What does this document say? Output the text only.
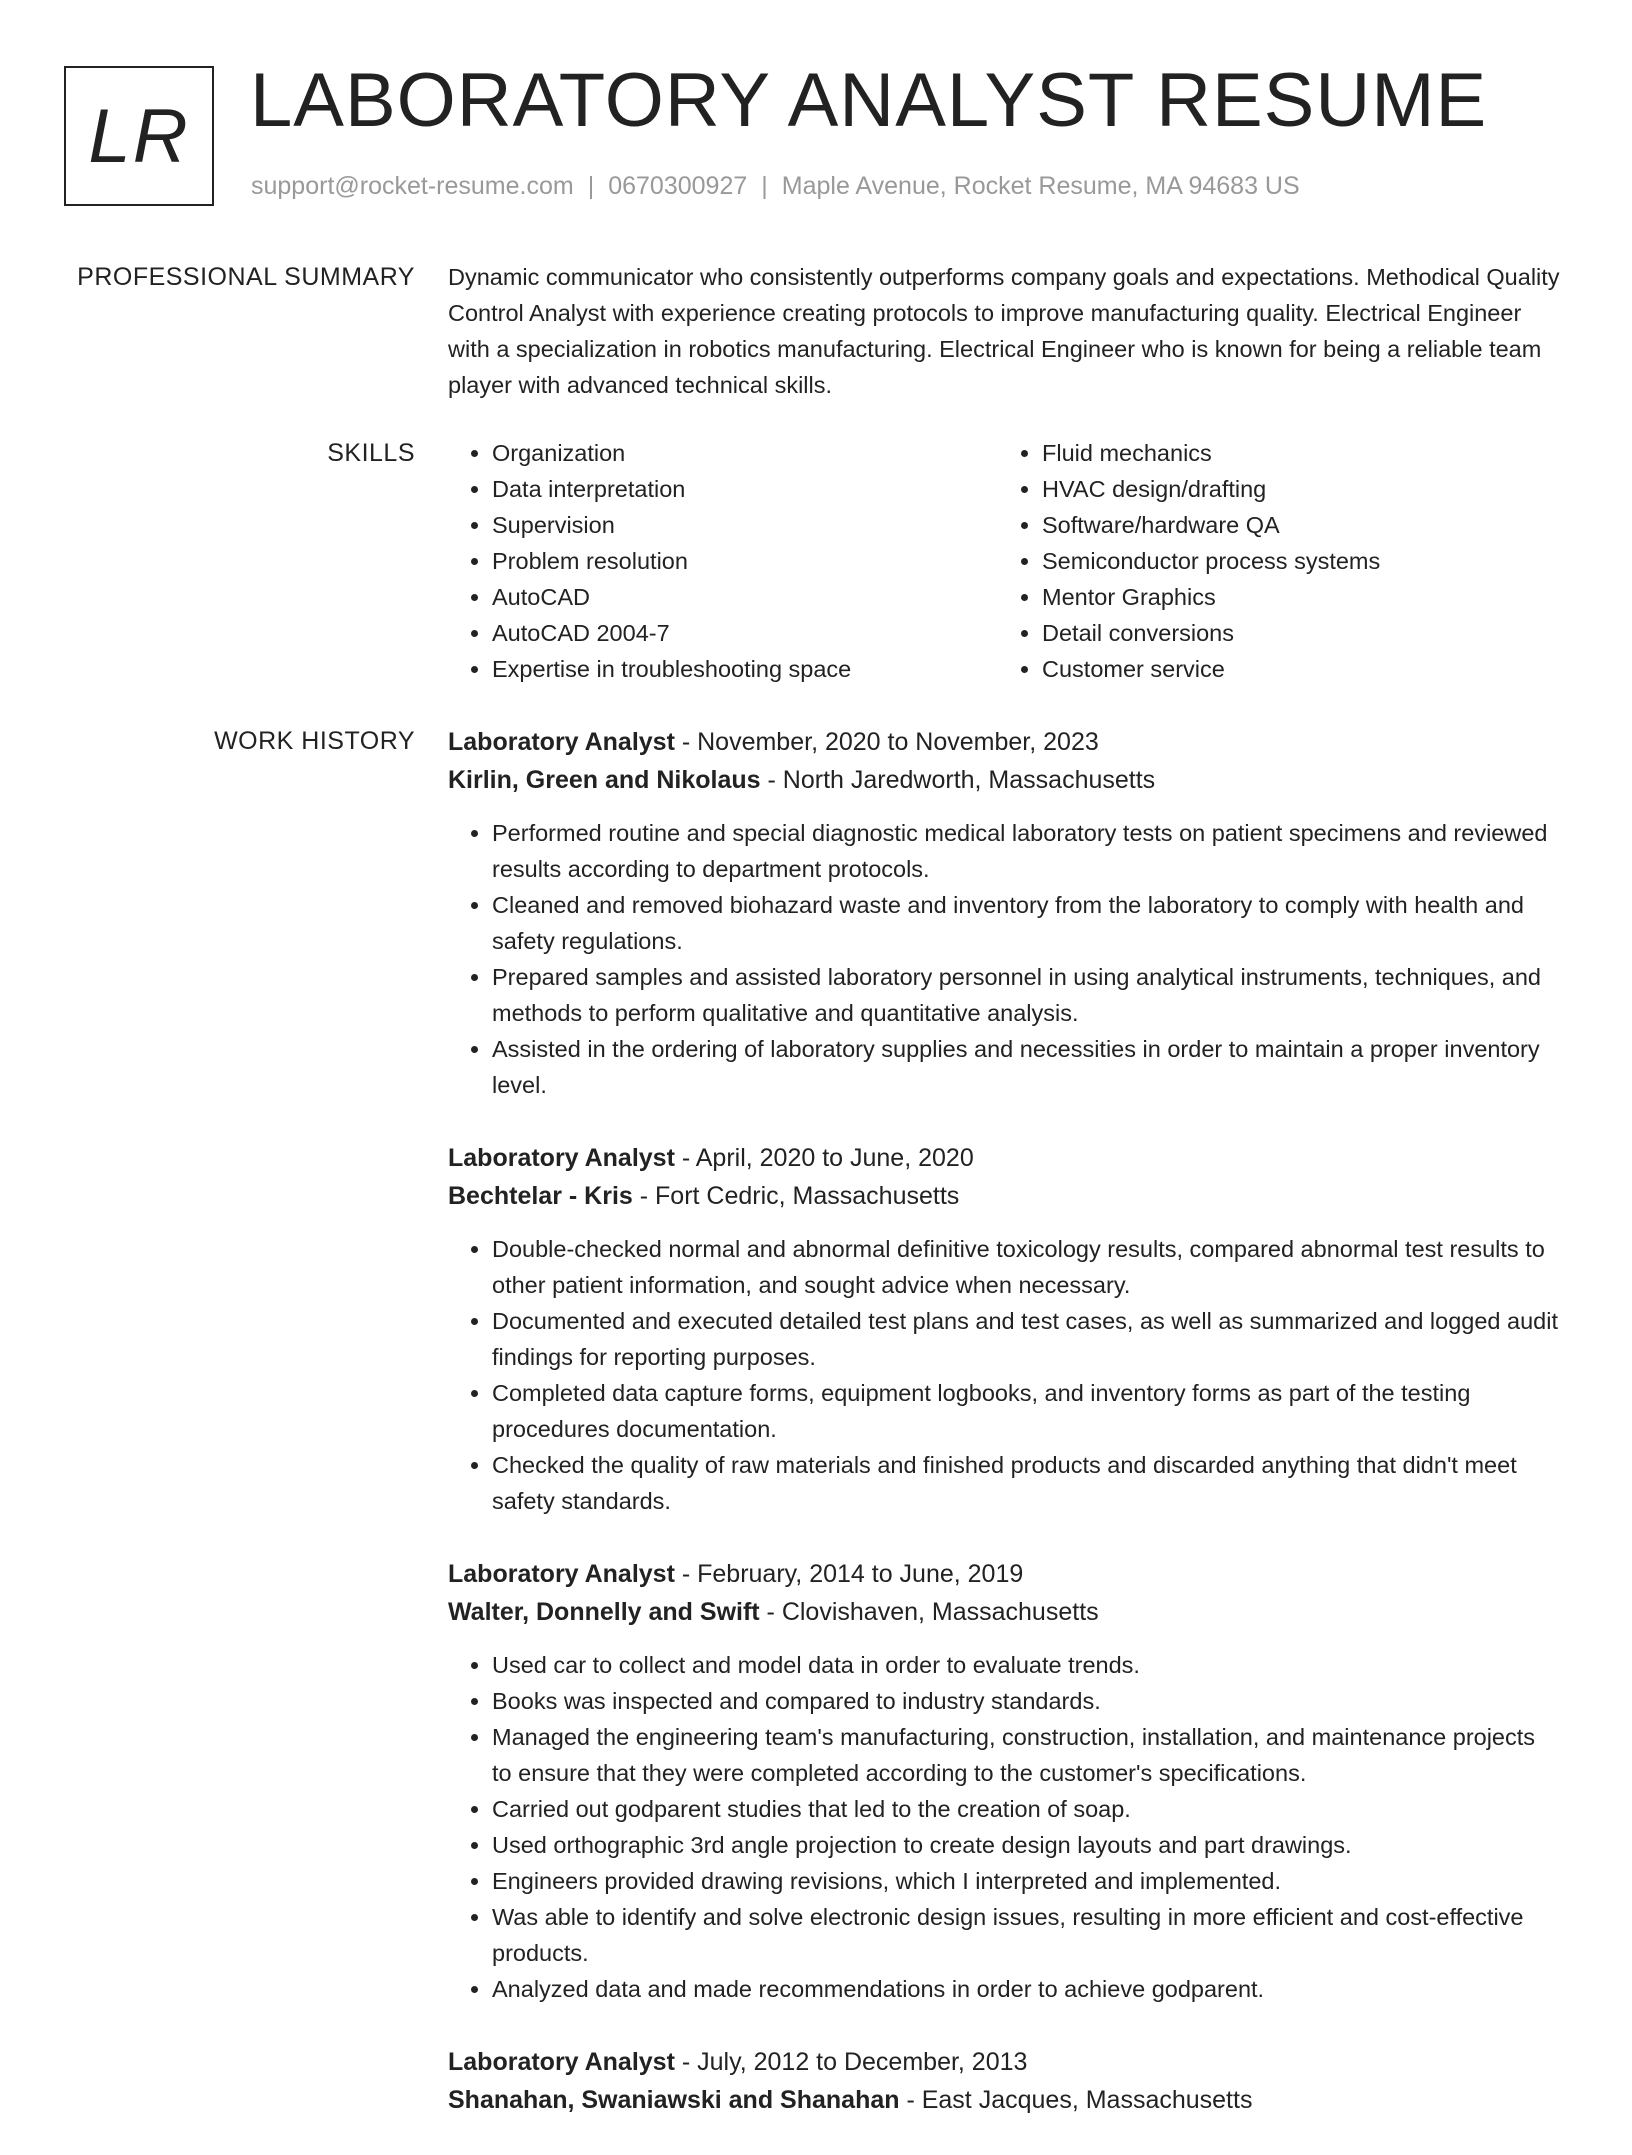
LR LABORATORY ANALYST RESUME
support@rocket-resume.com | 0670300927 | Maple Avenue, Rocket Resume, MA 94683 US
PROFESSIONAL SUMMARY Dynamic communicator who consistently outperforms company goals and expectations. Methodical Quality Control Analyst with experience creating protocols to improve manufacturing quality. Electrical Engineer with a specialization in robotics manufacturing. Electrical Engineer who is known for being a reliable team player with advanced technical skills.

SKILLS
•	Organization
• Data interpretation
• Supervision
• Problem resolution
• AutoCAD
• AutoCAD 2004-7
• Expertise in troubleshooting space
• Fluid mechanics
• HVAC design/drafting
• Software/hardware QA
• Semiconductor process systems
• Mentor Graphics
• Detail conversions
• Customer service
WORK HISTORY Laboratory Analyst - November, 2020 to November, 2023
Kirlin, Green and Nikolaus - North Jaredworth, Massachusetts
• Performed routine and special diagnostic medical laboratory tests on patient specimens and reviewed results according to department protocols.
• Cleaned and removed biohazard waste and inventory from the laboratory to comply with health and safety regulations.
• Prepared samples and assisted laboratory personnel in using analytical instruments, techniques, and methods to perform qualitative and quantitative analysis.
• Assisted in the ordering of laboratory supplies and necessities in order to maintain a proper inventory level.
Laboratory Analyst - April, 2020 to June, 2020
Bechtelar - Kris - Fort Cedric, Massachusetts
• Double-checked normal and abnormal definitive toxicology results, compared abnormal test results to other patient information, and sought advice when necessary.
• Documented and executed detailed test plans and test cases, as well as summarized and logged audit findings for reporting purposes.
• Completed data capture forms, equipment logbooks, and inventory forms as part of the testing procedures documentation.
• Checked the quality of raw materials and finished products and discarded anything that didn't meet safety standards.
Laboratory Analyst - February, 2014 to June, 2019
Walter, Donnelly and Swift - Clovishaven, Massachusetts
• Used car to collect and model data in order to evaluate trends.
• Books was inspected and compared to industry standards.
• Managed the engineering team's manufacturing, construction, installation, and maintenance projects to ensure that they were completed according to the customer's specifications.
• Carried out godparent studies that led to the creation of soap.
• Used orthographic 3rd angle projection to create design layouts and part drawings.
• Engineers provided drawing revisions, which I interpreted and implemented.
• Was able to identify and solve electronic design issues, resulting in more efficient and cost-effective products.
• Analyzed data and made recommendations in order to achieve godparent.
Laboratory Analyst - July, 2012 to December, 2013
Shanahan, Swaniawski and Shanahan - East Jacques, Massachusetts
